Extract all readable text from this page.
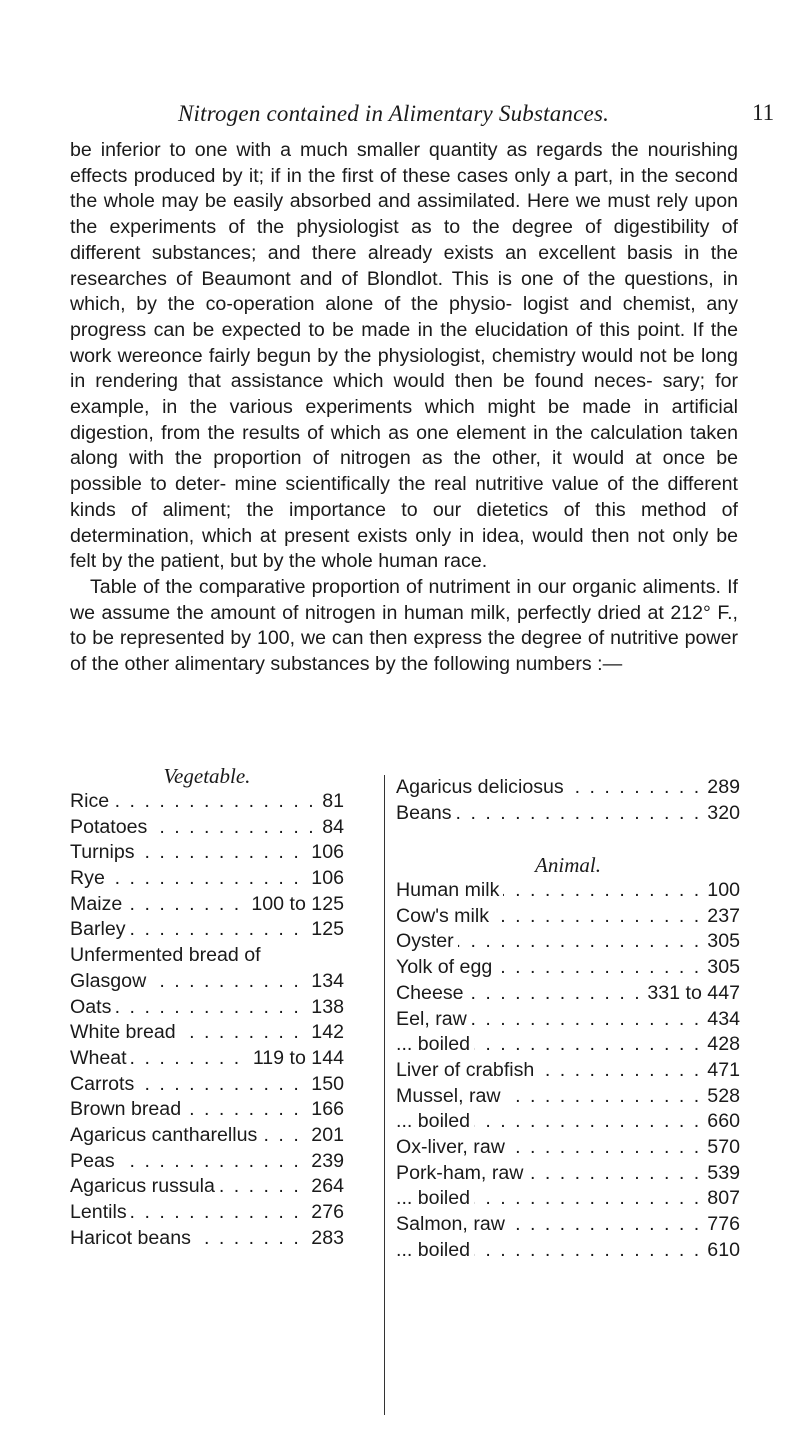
Nitrogen contained in Alimentary Substances.	11

be inferior to one with a much smaller quantity as regards the nourishing effects produced by it; if in the first of these cases only a part, in the second the whole may be easily absorbed and assimilated. Here we must rely upon the experiments of the physiologist as to the degree of digestibility of different substances; and there already exists an excellent basis in the researches of Beaumont and of Blondlot. This is one of the questions, in which, by the co-operation alone of the physio- logist and chemist, any progress can be expected to be made in the elucidation of this point. If the work wereonce fairly begun by the physiologist, chemistry would not be long in rendering that assistance which would then be found neces- sary; for example, in the various experiments which might be made in artificial digestion, from the results of which as one element in the calculation taken along with the proportion of nitrogen as the other, it would at once be possible to deter- mine scientifically the real nutritive value of the different kinds of aliment; the importance to our dietetics of this method of determination, which at present exists only in idea, would then not only be felt by the patient, but by the whole human race.

Table of the comparative proportion of nutriment in our organic aliments. If we assume the amount of nitrogen in human milk, perfectly dried at 212° F., to be represented by 100, we can then express the degree of nutritive power of the other alimentary substances by the following numbers :—

Vegetable.
Rice . . .	81
Potatoes . . .	84
Turnips . . .	106
Rye . . .	106
Maize . . .	100 to 125
Barley . . .	125
Unfermented bread of
Glasgow . . .	134
Oats . . .	138
White bread . . .	142
Wheat . . .	119 to 144
Carrots . . .	150
Brown bread . . .	166
Agaricus cantharellus . . .	201
Peas . . .	239
Agaricus russula . . .	264
Lentils . . .	276
Haricot beans . . .	283
Agaricus deliciosus . . .	289
Beans . . .	320
Animal.
Human milk . . .	100
Cow's milk . . .	237
Oyster . . .	305
Yolk of egg . . .	305
Cheese . . .	331 to 447
Eel, raw . . .	434
... boiled . . .	428
Liver of crabfish . . .	471
Mussel, raw . . .	528
... boiled . . .	660
Ox-liver, raw . . .	570
Pork-ham, raw . . .	539
... boiled . . .	807
Salmon, raw . . .	776
... boiled . . .	610
